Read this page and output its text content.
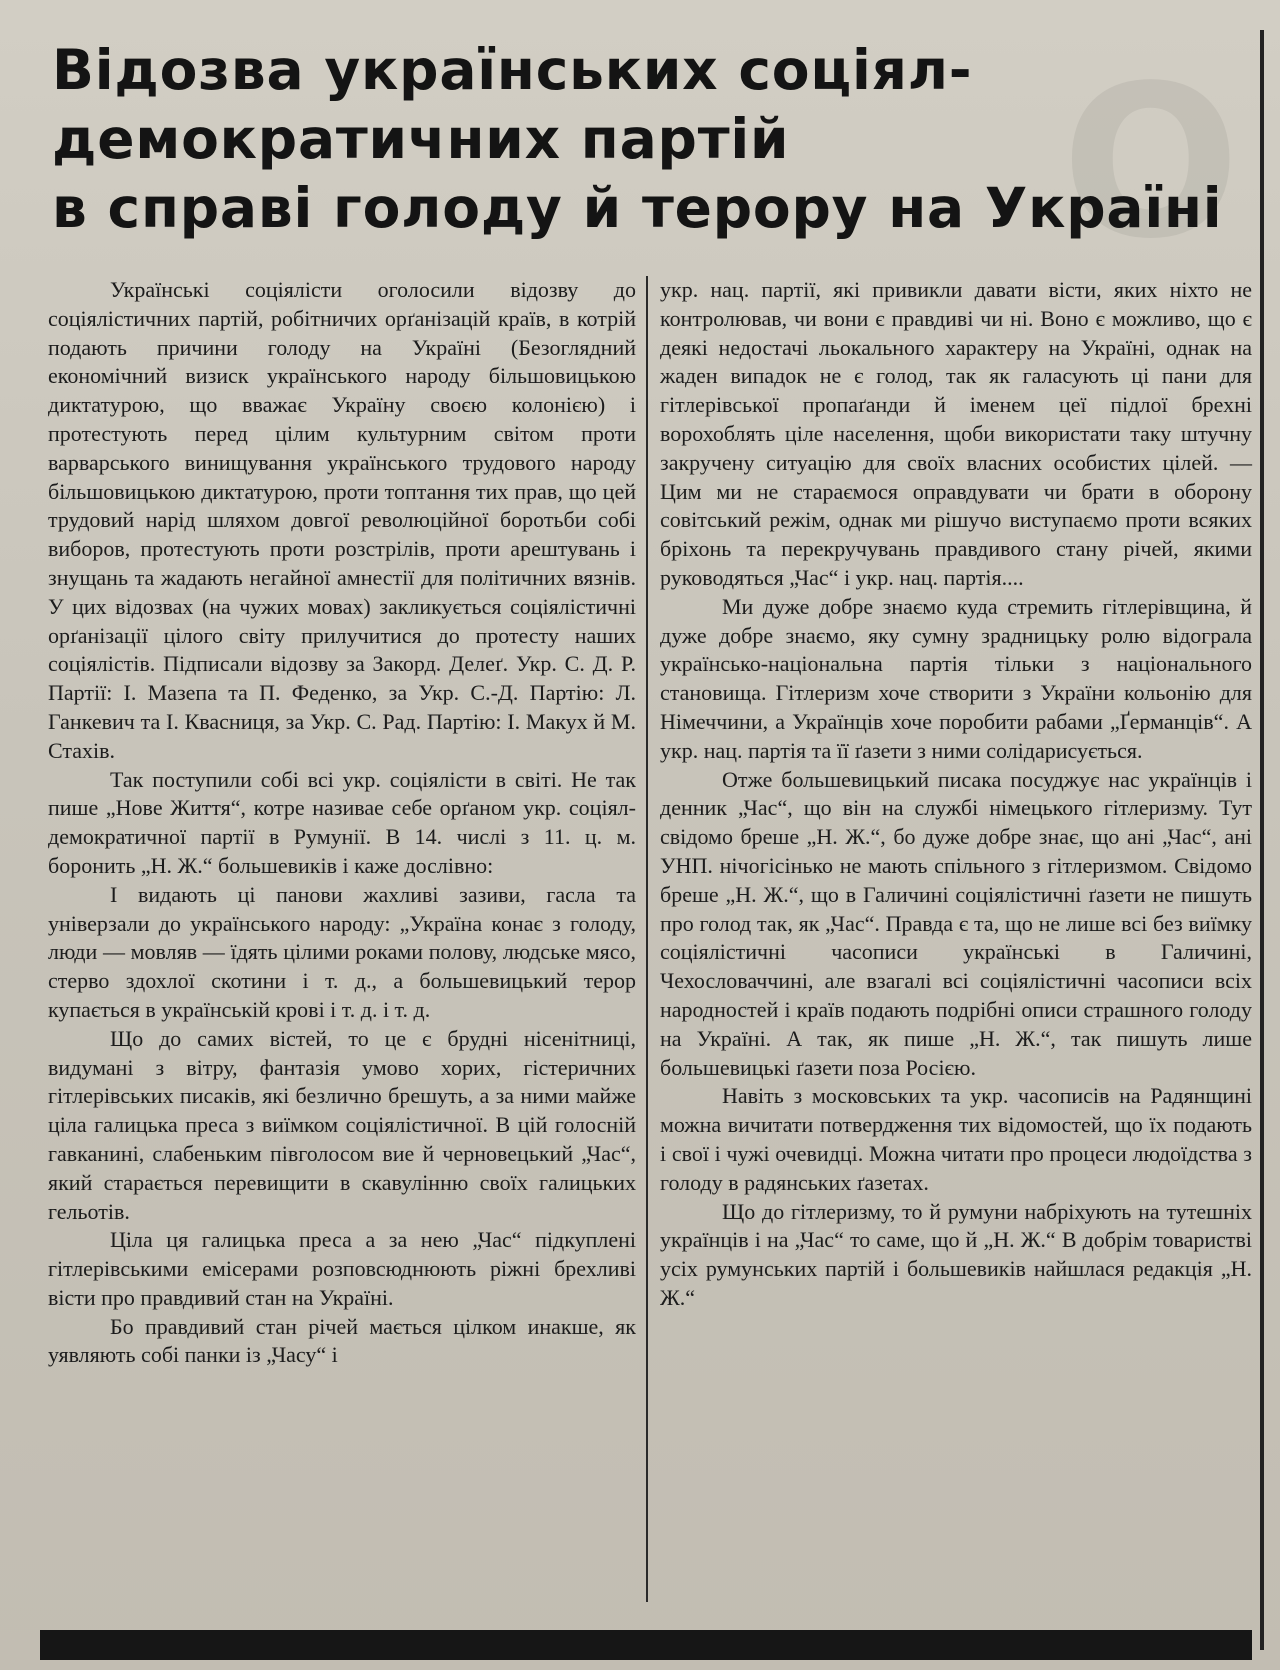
О
Відозва українських соціял-
демократичних партій
в справі голоду й терору на Україні

Українські соціялісти оголосили відозву до соціялістичних партій, робітничих орґанізацій країв, в котрій подають причини голоду на Україні (Безоглядний економічний визиск українського народу більшовицькою диктатурою, що вважає Україну своєю колонією) і протестують перед цілим культурним світом проти варварського винищування українського трудового народу більшовицькою диктатурою, проти топтання тих прав, що цей трудовий нарід шляхом довгої революційної боротьби собі виборов, протестують проти розстрілів, проти арештувань і знущань та жадають негайної амнестії для політичних вязнів. У цих відозвах (на чужих мовах) закликується соціялістичні орґанізації цілого світу прилучитися до протесту наших соціялістів. Підписали відозву за Закорд. Делеґ. Укр. С. Д. Р. Партії: І. Мазепа та П. Феденко, за Укр. С.-Д. Партію: Л. Ганкевич та І. Квасниця, за Укр. С. Рад. Партію: І. Макух й М. Стахів.

Так поступили собі всі укр. соціялісти в світі. Не так пише „Нове Життя“, котре називае себе орґаном укр. соціял-демократичної партії в Румунії. В 14. числі з 11. ц. м. боронить „Н. Ж.“ большевиків і каже дослівно:

І видають ці панови жахливі зазиви, гасла та універзали до українського народу: „Україна конає з голоду, люди — мовляв — їдять цілими роками полову, людське мясо, стерво здохлої скотини і т. д., а большевицький терор купається в українській крові і т. д. і т. д.

Що до самих вістей, то це є брудні нісенітниці, видумані з вітру, фантазія умово хорих, гістеричних гітлерівських писаків, які безлично брешуть, а за ними майже ціла галицька преса з виїмком соціялістичної. В цій голосній гавканині, слабеньким півголосом вие й черновецький „Час“, який старається перевищити в скавулінню своїх галицьких гельотів.

Ціла ця галицька преса а за нею „Час“ підкуплені гітлерівськими емісерами розповсюднюють ріжні брехливі вісти про правдивий стан на Україні.

Бо правдивий стан річей мається цілком инакше, як уявляють собі панки із „Часу“ і

укр. нац. партії, які привикли давати вісти, яких ніхто не контролював, чи вони є правдиві чи ні. Воно є можливо, що є деякі недостачі льокального характеру на Україні, однак на жаден випадок не є голод, так як галасують ці пани для гітлерівської пропаґанди й іменем цеї підлої брехні ворохоблять ціле населення, щоби використати таку штучну закручену ситуацію для своїх власних особистих цілей. — Цим ми не стараємося оправдувати чи брати в оборону совітський режім, однак ми рішучо виступаємо проти всяких бріхонь та перекручувань правдивого стану річей, якими руководяться „Час“ і укр. нац. партія....

Ми дуже добре знаємо куда стремить гітлерівщина, й дуже добре знаємо, яку сумну зрадницьку ролю відограла українсько-національна партія тільки з національного становища. Гітлеризм хоче створити з України кольонію для Німеччини, а Українців хоче поробити рабами „Ґерманців“. А укр. нац. партія та її ґазети з ними солідарисується.

Отже большевицький писака посуджує нас українців і денник „Час“, що він на службі німецького гітлеризму. Тут свідомо бреше „Н. Ж.“, бо дуже добре знає, що ані „Час“, ані УНП. нічогісінько не мають спільного з гітлеризмом. Свідомо бреше „Н. Ж.“, що в Галичині соціялістичні ґазети не пишуть про голод так, як „Час“. Правда є та, що не лише всі без виїмку соціялістичні часописи українські в Галичині, Чехословаччині, але взагалі всі соціялістичні часописи всіх народностей і країв подають подрібні описи страшного голоду на Україні. А так, як пише „Н. Ж.“, так пишуть лише большевицькі ґазети поза Росією.

Навіть з московських та укр. часописів на Радянщині можна вичитати потвердження тих відомостей, що їх подають і свої і чужі очевидці. Можна читати про процеси людоїдства з голоду в радянських ґазетах.

Що до гітлеризму, то й румуни набріхують на тутешніх українців і на „Час“ то саме, що й „Н. Ж.“ В добрім товаристві усіх румунських партій і большевиків найшлася редакція „Н. Ж.“
